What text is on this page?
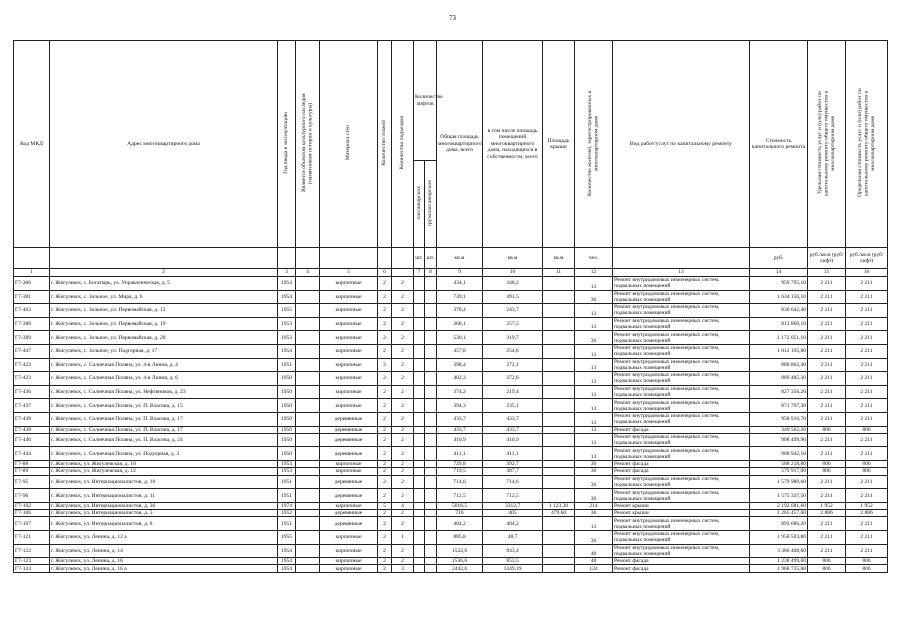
73
Код МКД	Адрес многоквартирного дома	Год ввода в эксплуатацию	Является объектом культурного наследия (памятником истории и культуры)	Материал стен	Количество этажей	Количество подъездов	Количество лифтов		Общая площадь многоквартирного дома, всего	в том числе площадь помещений многоквартирного дома, находящихся в собственности, всего	Площадь крыши	Количество жителей, зарегистрированных в многоквартирном доме	Вид работ/услуг по капитальному ремонту	Стоимость капитального ремонта	Удельная стоимость услуг и (или) работ по капитальному ремонту общего имущества в многоквартирном доме	Предельная стоимость услуг и (или) работ по капитальному ремонту общего имущества в многоквартирном доме
							пассажирских	грузопассажирских								
							шт.	шт.	кв.м	кв.м	кв.м	чел.		руб.	руб./кв.м (руб/лифт)	руб./кв.м (руб/лифт)
1	2	3	4	5	6		7	8	9	10	11	12	13	14	15	16
Г7-366	г. Жигулевск, с. Богатырь, ул. Управленческая, д. 5	1954		кирпичные	2	2			434,1	348,2		13	Ремонт внутридомовых инженерных систем, подвальных помещений	959 795,10	2 211	2 211
Г7-381	г. Жигулевск, с. Зольное, ул. Мира, д. 6	1954		кирпичные	2	2			739,1	491,5		36	Ремонт внутридомовых инженерных систем, подвальных помещений	1 634 150,10	2 211	2 211
Г7-463	г. Жигулевск, с. Зольное, ул. Первомайская, д. 12	1955		кирпичные	2	2			378,4	243,7		13	Ремонт внутридомовых инженерных систем, подвальных помещений	836 642,40	2 211	2 211
Г7-388	г. Жигулевск, с. Зольное, ул. Первомайская, д. 19	1953		кирпичные	2	2			368,1	257,5		13	Ремонт внутридомовых инженерных систем, подвальных помещений	813 869,10	2 211	2 211
Г7-389	г. Жигулевск, с. Зольное, ул. Первомайская, д. 20	1953		кирпичные	2	2			530,1	319,7		36	Ремонт внутридомовых инженерных систем, подвальных помещений	1 172 051,10	2 211	2 211
Г7-447	г. Жигулевск, с. Зольное, ул. Подгорная, д. 17	1954		кирпичные	2	2			457,8	254,6		13	Ремонт внутридомовых инженерных систем, подвальных помещений	1 012 195,80	2 211	2 211
Г7-422	г. Жигулевск, с. Солнечная Поляна, ул. 4-я Линия, д. 4	1951		кирпичные	2	2			398,4	272,1		13	Ремонт внутридомовых инженерных систем, подвальных помещений	880 862,40	2 211	2 211
Г7-423	г. Жигулевск, с. Солнечная Поляна, ул. 4-я Линия, д. 6	1950		кирпичные	2	2			402,3	272,6		13	Ремонт внутридомовых инженерных систем, подвальных помещений	889 485,30	2 211	2 211
Г7-436	г. Жигулевск, с. Солнечная Поляна, ул. Нефтяников, д. 23	1950		кирпичные	2	2			374,2	219,4		13	Ремонт внутридомовых инженерных систем, подвальных помещений	827 356,20	2 211	2 211
Г7-437	г. Жигулевск, с. Солнечная Поляна, ул. П. Власова, д. 15	1950		кирпичные	2	2			394,3	235,1		13	Ремонт внутридомовых инженерных систем, подвальных помещений	871 797,30	2 211	2 211
Г7-438	г. Жигулевск, с. Солнечная Поляна, ул. П. Власова, д. 17	1950		деревянные	2	2			433,7	433,7		13	Ремонт внутридомовых инженерных систем, подвальных помещений	958 910,70	2 211	2 211
Г7-438	г. Жигулевск, с. Солнечная Поляна, ул. П. Власова, д. 17	1950		деревянные	2	2			433,7	433,7		13	Ремонт фасада	349 562,20	806	806
Г7-440	г. Жигулевск, с. Солнечная Поляна, ул. П. Власова, д. 24	1950		деревянные	2	2			410,9	410,9		13	Ремонт внутридомовых инженерных систем, подвальных помещений	908 499,90	2 211	2 211
Г7-444	г. Жигулевск, с. Солнечная Поляна, ул. Подгорная, д. 3	1950		деревянные	2	2			411,1	411,1		13	Ремонт внутридомовых инженерных систем, подвальных помещений	908 942,10	2 211	2 211
Г7-88	г. Жигулевск, ул. Жигулевская, д. 10	1953		кирпичные	2	2			729,8	392,7		36	Ремонт фасада	588 218,80	806	806
Г7-89	г. Жигулевск, ул. Жигулевская, д. 12	1953		кирпичные	2	2			719,5	387,7		36	Ремонт фасада	579 917,00	806	806
Г7-95	г. Жигулевск, ул. Интернационалистов, д. 10	1951		деревянные	2	2			714,6	714,6		36	Ремонт внутридомовых инженерных систем, подвальных помещений	1 579 980,60	2 211	2 211
Г7-96	г. Жигулевск, ул. Интернационалистов, д. 11	1951		деревянные	2	2			712,5	712,5		36	Ремонт внутридомовых инженерных систем, подвальных помещений	1 575 337,50	2 211	2 211
Г7-102	г. Жигулевск, ул. Интернационалистов, д. 36	1974		кирпичные	5	4			5016,5	3312,7	1 123,30	214	Ремонт крыши	2 192 681,60	1 952	1 952
Г7-106	г. Жигулевск, ул. Интернационалистов, д. 5	1952		деревянные	2	2			716	405	479,60	36	Ремонт крыши	1 265 457,60	2 806	2 806
Г7-107	г. Жигулевск, ул. Интернационалистов, д. 8	1951		деревянные	2	2			404,2	404,2		13	Ремонт внутридомовых инженерных систем, подвальных помещений	893 686,20	2 211	2 211
Г7-121	г. Жигулевск, ул. Ленина, д. 12 а	1955		кирпичные	2	1			885,8	48,7		36	Ремонт внутридомовых инженерных систем, подвальных помещений	1 958 503,80	2 211	2 211
Г7-122	г. Жигулевск, ул. Ленина, д. 14	1954		кирпичные	2	2			1522,6	843,4		48	Ремонт внутридомовых инженерных систем, подвальных помещений	3 366 468,60	2 211	2 211
Г7-123	г. Жигулевск, ул. Ленина, д. 16	1954		кирпичные	2	2			1536,6	853,5		48	Ремонт фасада	1 238 499,60	806	806
Г7-124	г. Жигулевск, ул. Ленина, д. 16 а	1954		кирпичные	2	3			2442,6	1349,19		124	Ремонт фасада	1 968 735,60	806	806
